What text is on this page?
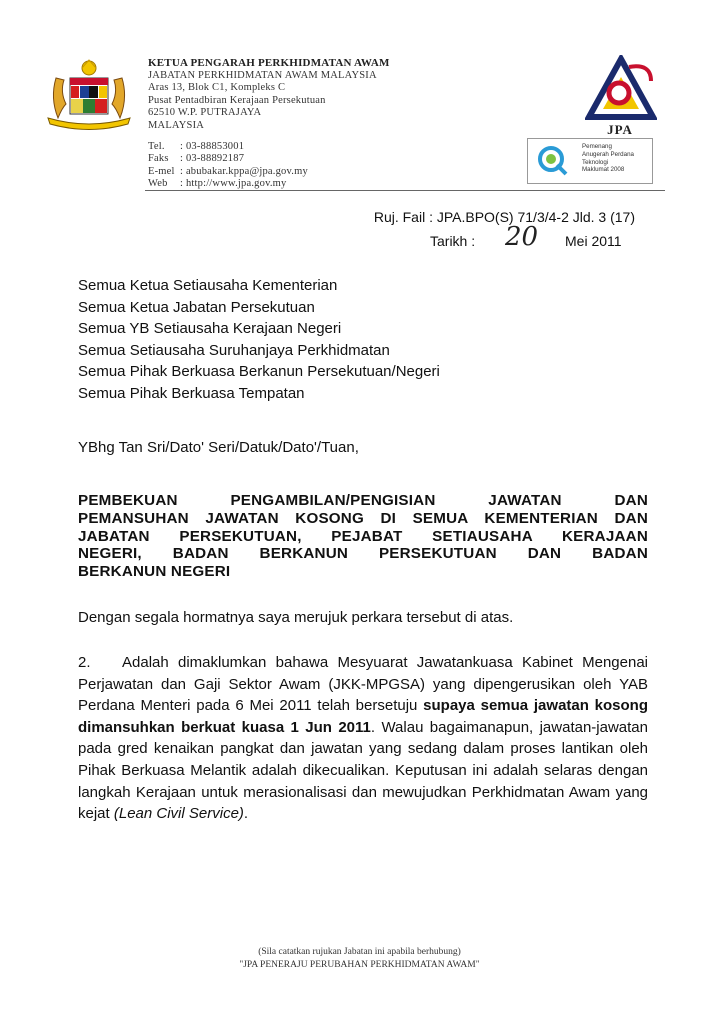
KETUA PENGARAH PERKHIDMATAN AWAM
JABATAN PERKHIDMATAN AWAM MALAYSIA
Aras 13, Blok C1, Kompleks C
Pusat Pentadbiran Kerajaan Persekutuan
62510 W.P. PUTRAJAYA
MALAYSIA
Tel.	: 03-88853001
Faks	: 03-88892187
E-mel : abubakar.kppa@jpa.gov.my
Web	: http://www.jpa.gov.my
JPA
Pemenang
Anugerah Perdana
Teknologi
Maklumat 2008
Ruj. Fail : JPA.BPO(S) 71/3/4-2 Jld. 3 (17)
Tarikh : 20 Mei 2011
Semua Ketua Setiausaha Kementerian
Semua Ketua Jabatan Persekutuan
Semua YB Setiausaha Kerajaan Negeri
Semua Setiausaha Suruhanjaya Perkhidmatan
Semua Pihak Berkuasa Berkanun Persekutuan/Negeri
Semua Pihak Berkuasa Tempatan
YBhg Tan Sri/Dato' Seri/Datuk/Dato'/Tuan,
PEMBEKUAN PENGAMBILAN/PENGISIAN JAWATAN DAN
PEMANSUHAN JAWATAN KOSONG DI SEMUA KEMENTERIAN DAN
JABATAN PERSEKUTUAN, PEJABAT SETIAUSAHA KERAJAAN
NEGERI, BADAN BERKANUN PERSEKUTUAN DAN BADAN
BERKANUN NEGERI
Dengan segala hormatnya saya merujuk perkara tersebut di atas.
2. Adalah dimaklumkan bahawa Mesyuarat Jawatankuasa Kabinet Mengenai Perjawatan dan Gaji Sektor Awam (JKK-MPGSA) yang dipengerusikan oleh YAB Perdana Menteri pada 6 Mei 2011 telah bersetuju supaya semua jawatan kosong dimansuhkan berkuat kuasa 1 Jun 2011. Walau bagaimanapun, jawatan-jawatan pada gred kenaikan pangkat dan jawatan yang sedang dalam proses lantikan oleh Pihak Berkuasa Melantik adalah dikecualikan. Keputusan ini adalah selaras dengan langkah Kerajaan untuk merasionalisasi dan mewujudkan Perkhidmatan Awam yang kejat (Lean Civil Service).
(Sila catatkan rujukan Jabatan ini apabila berhubung)
"JPA PENERAJU PERUBAHAN PERKHIDMATAN AWAM"
